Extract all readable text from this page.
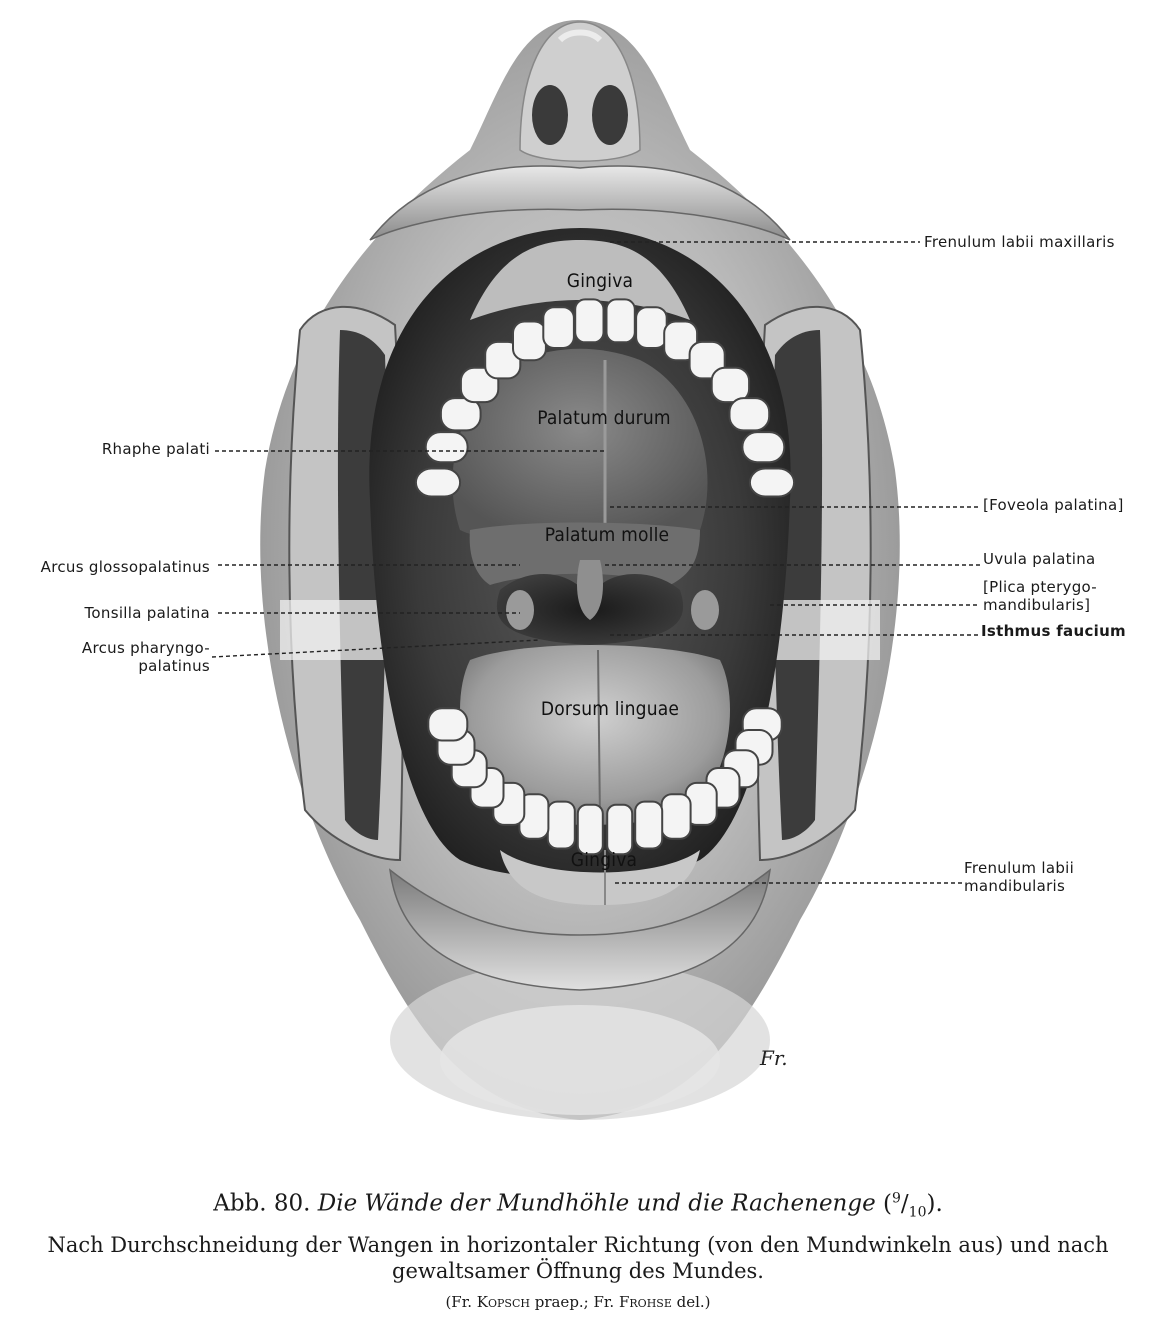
Gingiva
Palatum durum
Palatum molle
Dorsum linguae
Gingiva
Fr.
Rhaphe palati
Arcus glossopalatinus
Tonsilla palatina
Arcus pharyngo-
palatinus
Frenulum labii maxillaris
[Foveola palatina]
Uvula palatina
[Plica pterygo-
mandibularis]
Isthmus faucium
Frenulum labii
mandibularis
Abb. 80. Die Wände der Mundhöhle und die Rachenenge $(^9/_{10})$.
Nach Durchschneidung der Wangen in horizontaler Richtung (von den Mundwinkeln aus) und nach
gewaltsamer Öffnung des Mundes.
(Fr. Kopsch praep.; Fr. Frohse del.)
